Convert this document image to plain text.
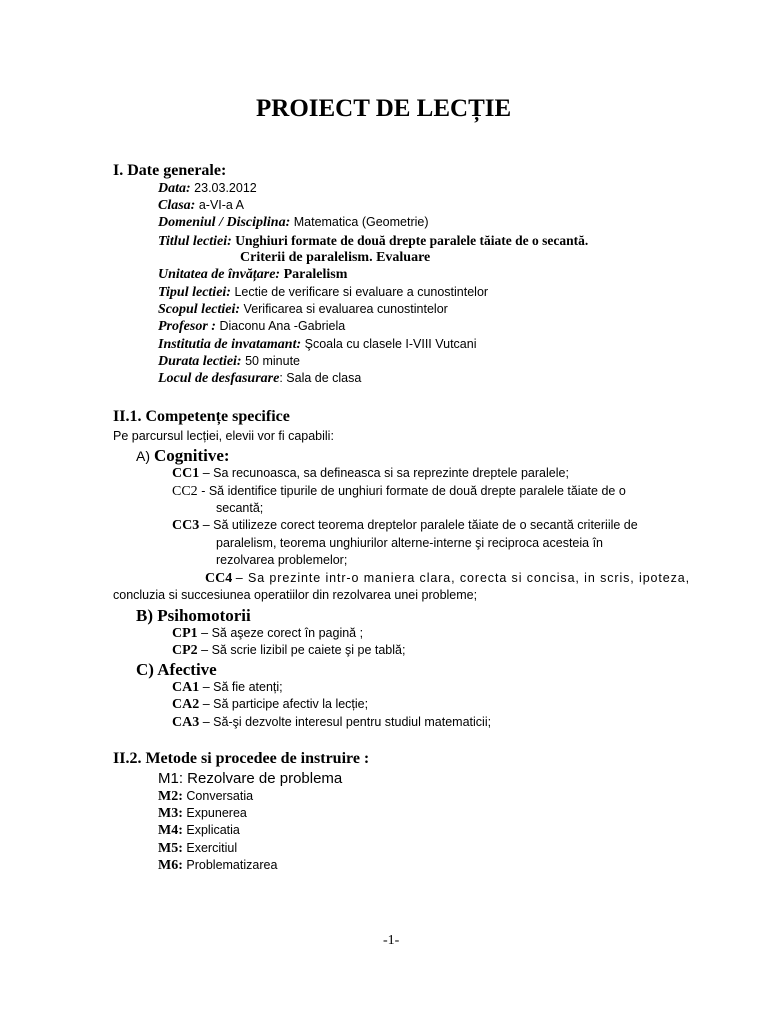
PROIECT DE LECȚIE
I. Date generale:
Data: 23.03.2012
Clasa: a-VI-a A
Domeniul / Disciplina: Matematica (Geometrie)
Titlul lectiei: Unghiuri formate de două drepte paralele tăiate de o secantă.
Criterii de paralelism. Evaluare
Unitatea de învățare: Paralelism
Tipul lectiei: Lectie de verificare si evaluare a cunostintelor
Scopul lectiei: Verificarea si evaluarea cunostintelor
Profesor : Diaconu Ana -Gabriela
Institutia de invatamant: Şcoala cu clasele I-VIII Vutcani
Durata lectiei: 50 minute
Locul de desfasurare: Sala de clasa
II.1. Competențe specifice
Pe parcursul lecției, elevii vor fi capabili:
A) Cognitive:
CC1 – Sa recunoasca, sa defineasca si sa reprezinte dreptele paralele;
CC2 - Să identifice tipurile de unghiuri formate de două drepte paralele tăiate de o
secantă;
CC3 – Să utilizeze corect teorema dreptelor paralele tăiate de o secantă criteriile de
paralelism, teorema unghiurilor alterne-interne şi reciproca acesteia în
rezolvarea problemelor;
CC4 – Sa prezinte intr-o maniera clara, corecta si concisa, in scris, ipoteza,
concluzia si succesiunea operatiilor din rezolvarea unei probleme;
B) Psihomotorii
CP1 – Să aşeze corect în pagină ;
CP2 – Să scrie lizibil pe caiete şi pe tablă;
C) Afective
CA1 – Să fie atenți;
CA2 – Să participe afectiv la lecție;
CA3 – Să-şi dezvolte interesul pentru studiul matematicii;
II.2. Metode si procedee de instruire :
M1: Rezolvare de problema
M2: Conversatia
M3: Expunerea
M4: Explicatia
M5: Exercitiul
M6: Problematizarea
-1-
